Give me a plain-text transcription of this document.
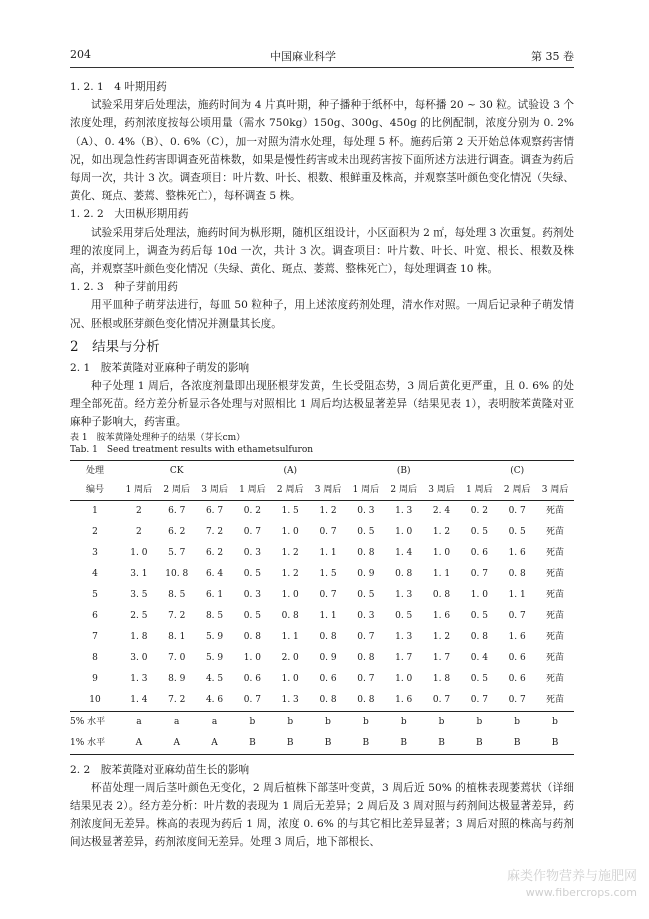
204	中国麻业科学	第 35 卷

1. 2. 1　4 叶期用药

试验采用芽后处理法，施药时间为 4 片真叶期，种子播种于纸杯中，每杯播 20 ~ 30 粒。试验设 3 个浓度处理，药剂浓度按每公顷用量（需水 750kg）150g、300g、450g 的比例配制，浓度分别为 0. 2%（A）、0. 4%（B）、0. 6%（C），加一对照为清水处理，每处理 5 杯。施药后第 2 天开始总体观察药害情况，如出现急性药害即调查死苗株数，如果是慢性药害或未出现药害按下面所述方法进行调查。调查为药后每周一次，共计 3 次。调查项目：叶片数、叶长、根数、根鲜重及株高，并观察茎叶颜色变化情况（失绿、黄化、斑点、萎蔫、整株死亡），每杯调查 5 株。

1. 2. 2　大田枞形期用药

试验采用芽后处理法，施药时间为枞形期，随机区组设计，小区面积为 2 ㎡，每处理 3 次重复。药剂处理的浓度同上，调查为药后每 10d 一次，共计 3 次。调查项目：叶片数、叶长、叶宽、根长、根数及株高，并观察茎叶颜色变化情况（失绿、黄化、斑点、萎蔫、整株死亡），每处理调查 10 株。

1. 2. 3　种子芽前用药

用平皿种子萌芽法进行，每皿 50 粒种子，用上述浓度药剂处理，清水作对照。一周后记录种子萌发情况、胚根或胚芽颜色变化情况并测量其长度。

2　结果与分析

2. 1　胺苯黄隆对亚麻种子萌发的影响

种子处理 1 周后，各浓度剂量即出现胚根芽发黄，生长受阻态势，3 周后黄化更严重，且 0. 6% 的处理全部死苗。经方差分析显示各处理与对照相比 1 周后均达极显著差异（结果见表 1），表明胺苯黄隆对亚麻种子影响大，药害重。

表 1　胺苯黄隆处理种子的结果（芽长cm）

Tab. 1　Seed treatment results with ethametsulfuron

处理	CK			(A)			(B)			(C)		
编号	1 周后	2 周后	3 周后	1 周后	2 周后	3 周后	1 周后	2 周后	3 周后	1 周后	2 周后	3 周后
1	2	6. 7	6. 7	0. 2	1. 5	1. 2	0. 3	1. 3	2. 4	0. 2	0. 7	死苗
2	2	6. 2	7. 2	0. 7	1. 0	0. 7	0. 5	1. 0	1. 2	0. 5	0. 5	死苗
3	1. 0	5. 7	6. 2	0. 3	1. 2	1. 1	0. 8	1. 4	1. 0	0. 6	1. 6	死苗
4	3. 1	10. 8	6. 4	0. 5	1. 2	1. 5	0. 9	0. 8	1. 1	0. 7	0. 8	死苗
5	3. 5	8. 5	6. 1	0. 3	1. 0	0. 7	0. 5	1. 3	0. 8	1. 0	1. 1	死苗
6	2. 5	7. 2	8. 5	0. 5	0. 8	1. 1	0. 3	0. 5	1. 6	0. 5	0. 7	死苗
7	1. 8	8. 1	5. 9	0. 8	1. 1	0. 8	0. 7	1. 3	1. 2	0. 8	1. 6	死苗
8	3. 0	7. 0	5. 9	1. 0	2. 0	0. 9	0. 8	1. 7	1. 7	0. 4	0. 6	死苗
9	1. 3	8. 9	4. 5	0. 6	1. 0	0. 6	0. 7	1. 0	1. 8	0. 5	0. 6	死苗
10	1. 4	7. 2	4. 6	0. 7	1. 3	0. 8	0. 8	1. 6	0. 7	0. 7	0. 7	死苗
5% 水平	a	a	a	b	b	b	b	b	b	b	b	b
1% 水平	A	A	A	B	B	B	B	B	B	B	B	B

2. 2　胺苯黄隆对亚麻幼苗生长的影响

杯苗处理一周后茎叶颜色无变化，2 周后植株下部茎叶变黄，3 周后近 50% 的植株表现萎蔫状（详细结果见表 2）。经方差分析：叶片数的表现为 1 周后无差异；2 周后及 3 周对照与药剂间达极显著差异，药剂浓度间无差异。株高的表现为药后 1 周，浓度 0. 6% 的与其它相比差异显著；3 周后对照的株高与药剂间达极显著差异，药剂浓度间无差异。处理 3 周后，地下部根长、

麻类作物营养与施肥网
www.fibercrops.com
